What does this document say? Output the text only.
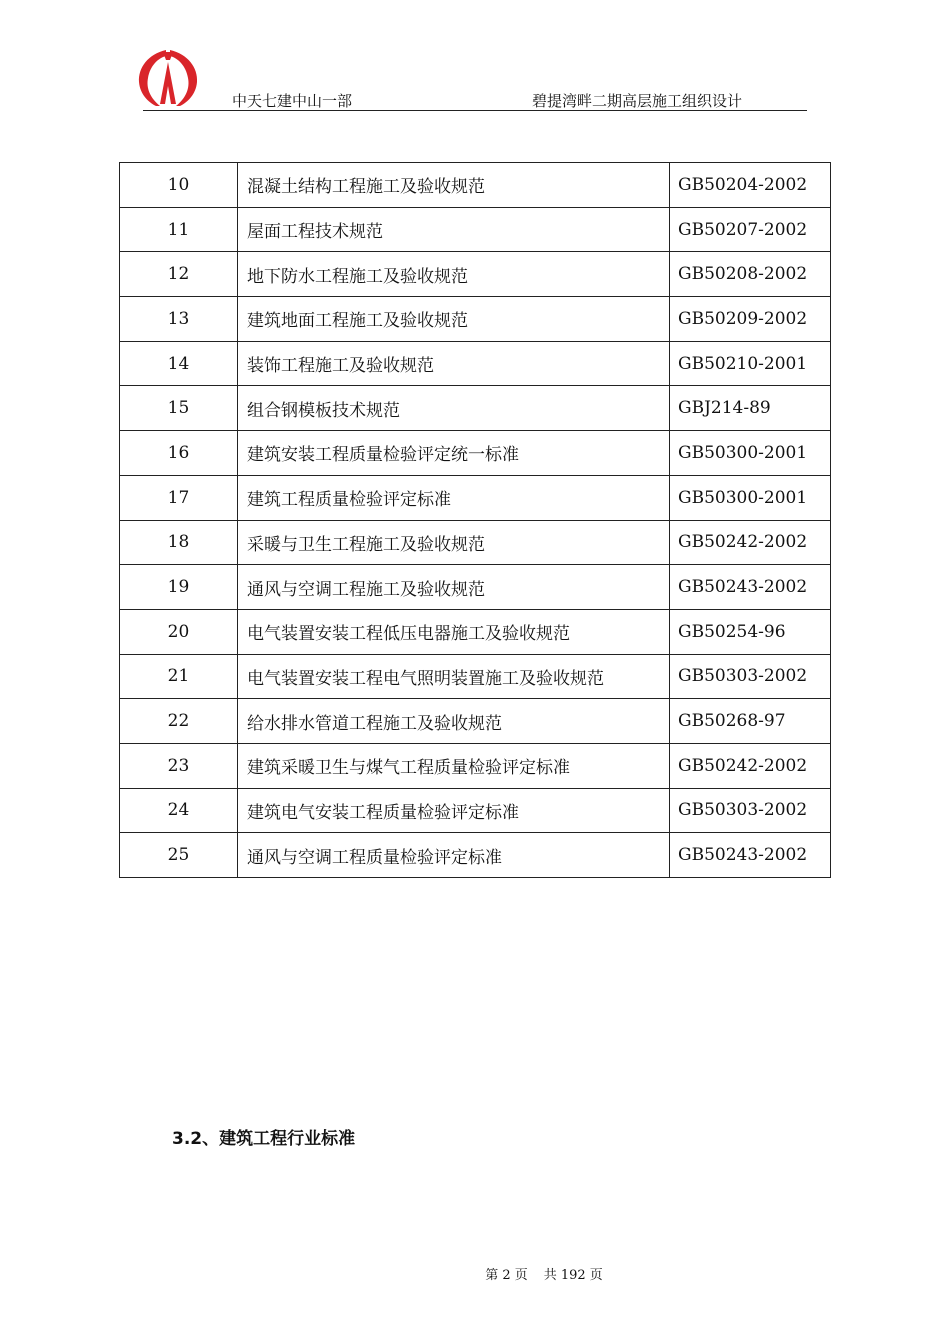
中天七建中山一部	碧提湾畔二期高层施工组织设计
10	混凝土结构工程施工及验收规范	GB50204-2002
11	屋面工程技术规范	GB50207-2002
12	地下防水工程施工及验收规范	GB50208-2002
13	建筑地面工程施工及验收规范	GB50209-2002
14	装饰工程施工及验收规范	GB50210-2001
15	组合钢模板技术规范	GBJ214-89
16	建筑安装工程质量检验评定统一标准	GB50300-2001
17	建筑工程质量检验评定标准	GB50300-2001
18	采暖与卫生工程施工及验收规范	GB50242-2002
19	通风与空调工程施工及验收规范	GB50243-2002
20	电气装置安装工程低压电器施工及验收规范	GB50254-96
21	电气装置安装工程电气照明装置施工及验收规范	GB50303-2002
22	给水排水管道工程施工及验收规范	GB50268-97
23	建筑采暖卫生与煤气工程质量检验评定标准	GB50242-2002
24	建筑电气安装工程质量检验评定标准	GB50303-2002
25	通风与空调工程质量检验评定标准	GB50243-2002
3.2、建筑工程行业标准
第 2 页 共 192 页
